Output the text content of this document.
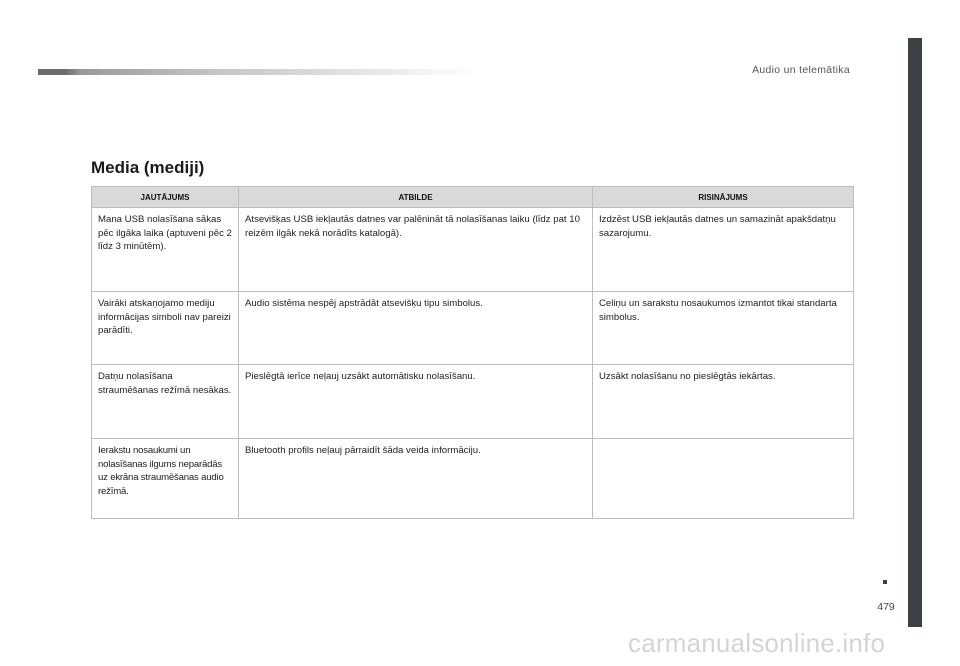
Audio un telemātika
479
Media (mediji)
JAUTĀJUMS	ATBILDE	RISINĀJUMS
Mana USB nolasīšana sākas pēc ilgāka laika (aptuveni pēc 2 līdz 3 minūtēm).	Atsevišķas USB iekļautās datnes var palēnināt tā nolasīšanas laiku (līdz pat 10 reizēm ilgāk nekā norādīts katalogā).	Izdzēst USB iekļautās datnes un samazināt apakšdatņu sazarojumu.
Vairāki atskaņojamo mediju informācijas simboli nav pareizi parādīti.	Audio sistēma nespēj apstrādāt atsevišķu tipu simbolus.	Celiņu un sarakstu nosaukumos izmantot tikai standarta simbolus.
Datņu nolasīšana straumēšanas režīmā nesākas.	Pieslēgtā ierīce neļauj uzsākt automātisku nolasīšanu.	Uzsākt nolasīšanu no pieslēgtās iekārtas.
Ierakstu nosaukumi un nolasīšanas ilgums neparādās uz ekrāna straumēšanas audio režīmā.	Bluetooth profils neļauj pārraidīt šāda veida informāciju.	
carmanualsonline.info
